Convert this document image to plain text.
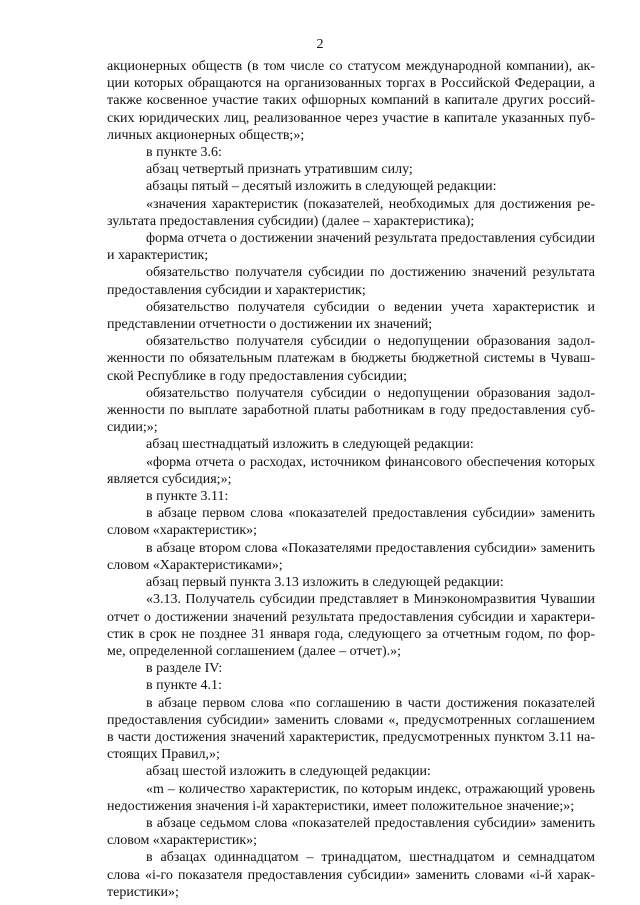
2
акционерных обществ (в том числе со статусом международной компании), ак-
ции которых обращаются на организованных торгах в Российской Федерации, а
также косвенное участие таких офшорных компаний в капитале других россий-
ских юридических лиц, реализованное через участие в капитале указанных пуб-
личных акционерных обществ;»;
в пункте 3.6:
абзац четвертый признать утратившим силу;
абзацы пятый – десятый изложить в следующей редакции:
«значения характеристик (показателей, необходимых для достижения ре-
зультата предоставления субсидии) (далее – характеристика);
форма отчета о достижении значений результата предоставления субсидии
и характеристик;
обязательство получателя субсидии по достижению значений результата
предоставления субсидии и характеристик;
обязательство получателя субсидии о ведении учета характеристик и
представлении отчетности о достижении их значений;
обязательство получателя субсидии о недопущении образования задол-
женности по обязательным платежам в бюджеты бюджетной системы в Чуваш-
ской Республике в году предоставления субсидии;
обязательство получателя субсидии о недопущении образования задол-
женности по выплате заработной платы работникам в году предоставления суб-
сидии;»;
абзац шестнадцатый изложить в следующей редакции:
«форма отчета о расходах, источником финансового обеспечения которых
является субсидия;»;
в пункте 3.11:
в абзаце первом слова «показателей предоставления субсидии» заменить
словом «характеристик»;
в абзаце втором слова «Показателями предоставления субсидии» заменить
словом «Характеристиками»;
абзац первый пункта 3.13 изложить в следующей редакции:
«3.13. Получатель субсидии представляет в Минэкономразвития Чувашии
отчет о достижении значений результата предоставления субсидии и характери-
стик в срок не позднее 31 января года, следующего за отчетным годом, по фор-
ме, определенной соглашением (далее – отчет).»;
в разделе IV:
в пункте 4.1:
в абзаце первом слова «по соглашению в части достижения показателей
предоставления субсидии» заменить словами «, предусмотренных соглашением
в части достижения значений характеристик, предусмотренных пунктом 3.11 на-
стоящих Правил,»;
абзац шестой изложить в следующей редакции:
«m – количество характеристик, по которым индекс, отражающий уровень
недостижения значения i-й характеристики, имеет положительное значение;»;
в абзаце седьмом слова «показателей предоставления субсидии» заменить
словом «характеристик»;
в абзацах одиннадцатом – тринадцатом, шестнадцатом и семнадцатом
слова «i-го показателя предоставления субсидии» заменить словами «i-й харак-
теристики»;
